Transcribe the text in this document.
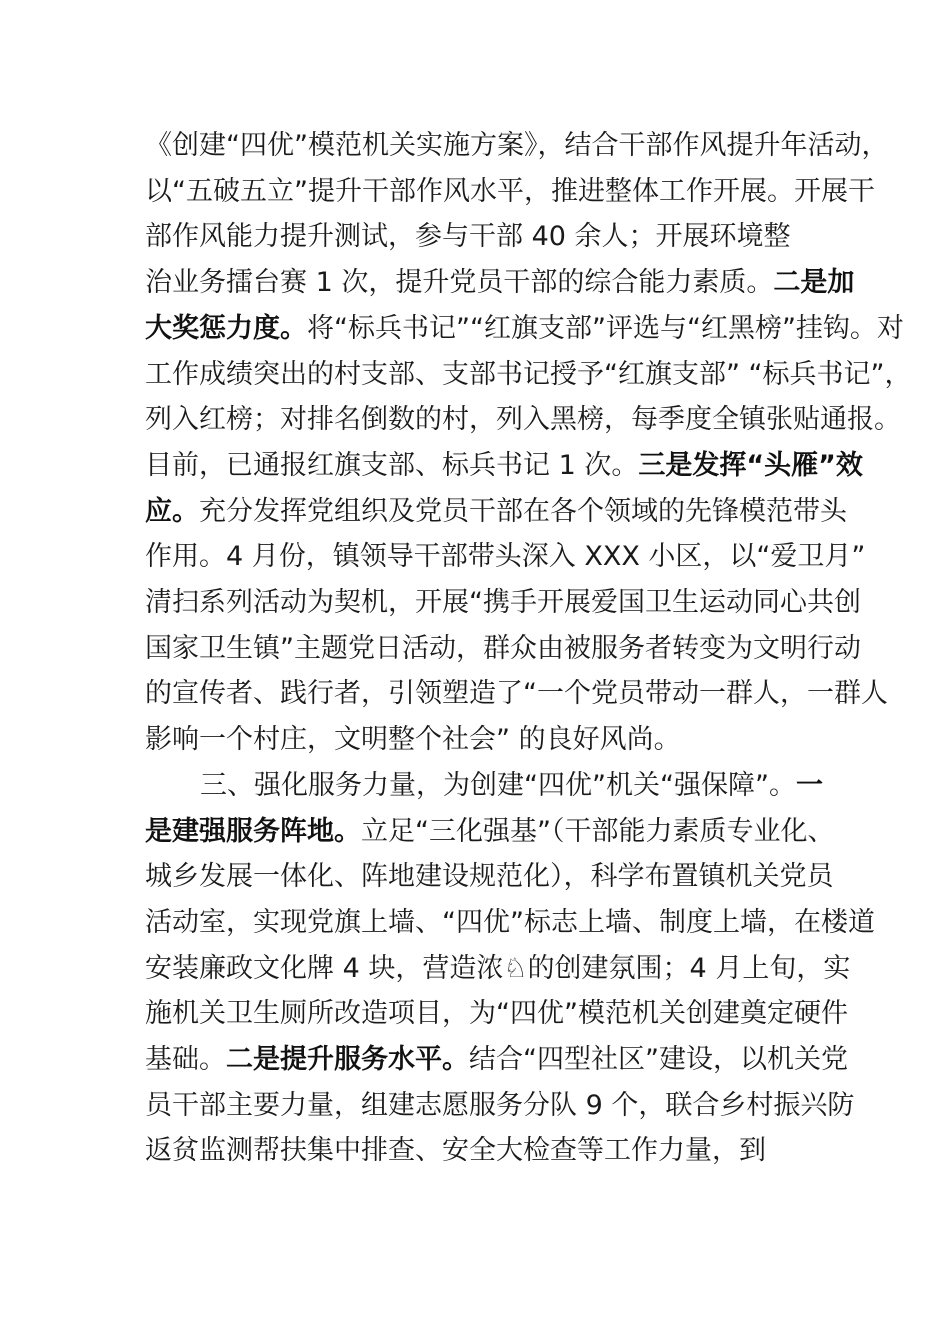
《创建“四优”模范机关实施方案》，结合干部作风提升年活动，
以“五破五立”提升干部作风水平，推进整体工作开展。开展干
部作风能力提升测试，参与干部 40 余人；开展环境整
治业务擂台赛 1 次，提升党员干部的综合能力素质。二是加
大奖惩力度。将“标兵书记”“红旗支部”评选与“红黑榜”挂钩。对
工作成绩突出的村支部、支部书记授予“红旗支部” “标兵书记”，
列入红榜；对排名倒数的村，列入黑榜，每季度全镇张贴通报。
目前，已通报红旗支部、标兵书记 1 次。三是发挥“头雁”效
应。充分发挥党组织及党员干部在各个领域的先锋模范带头
作用。4 月份，镇领导干部带头深入 XXX 小区，以“爱卫月”
清扫系列活动为契机，开展“携手开展爱国卫生运动同心共创
国家卫生镇”主题党日活动，群众由被服务者转变为文明行动
的宣传者、践行者，引领塑造了“一个党员带动一群人，一群人
影响一个村庄，文明整个社会” 的良好风尚。
三、强化服务力量，为创建“四优”机关“强保障”。一
是建强服务阵地。立足“三化强基”（干部能力素质专业化、
城乡发展一体化、阵地建设规范化），科学布置镇机关党员
活动室，实现党旗上墙、“四优”标志上墙、制度上墙，在楼道
安装廉政文化牌 4 块，营造浓♘的创建氛围；4 月上旬，实
施机关卫生厕所改造项目，为“四优”模范机关创建奠定硬件
基础。二是提升服务水平。结合“四型社区”建设，以机关党
员干部主要力量，组建志愿服务分队 9 个，联合乡村振兴防
返贫监测帮扶集中排查、安全大检查等工作力量，到
